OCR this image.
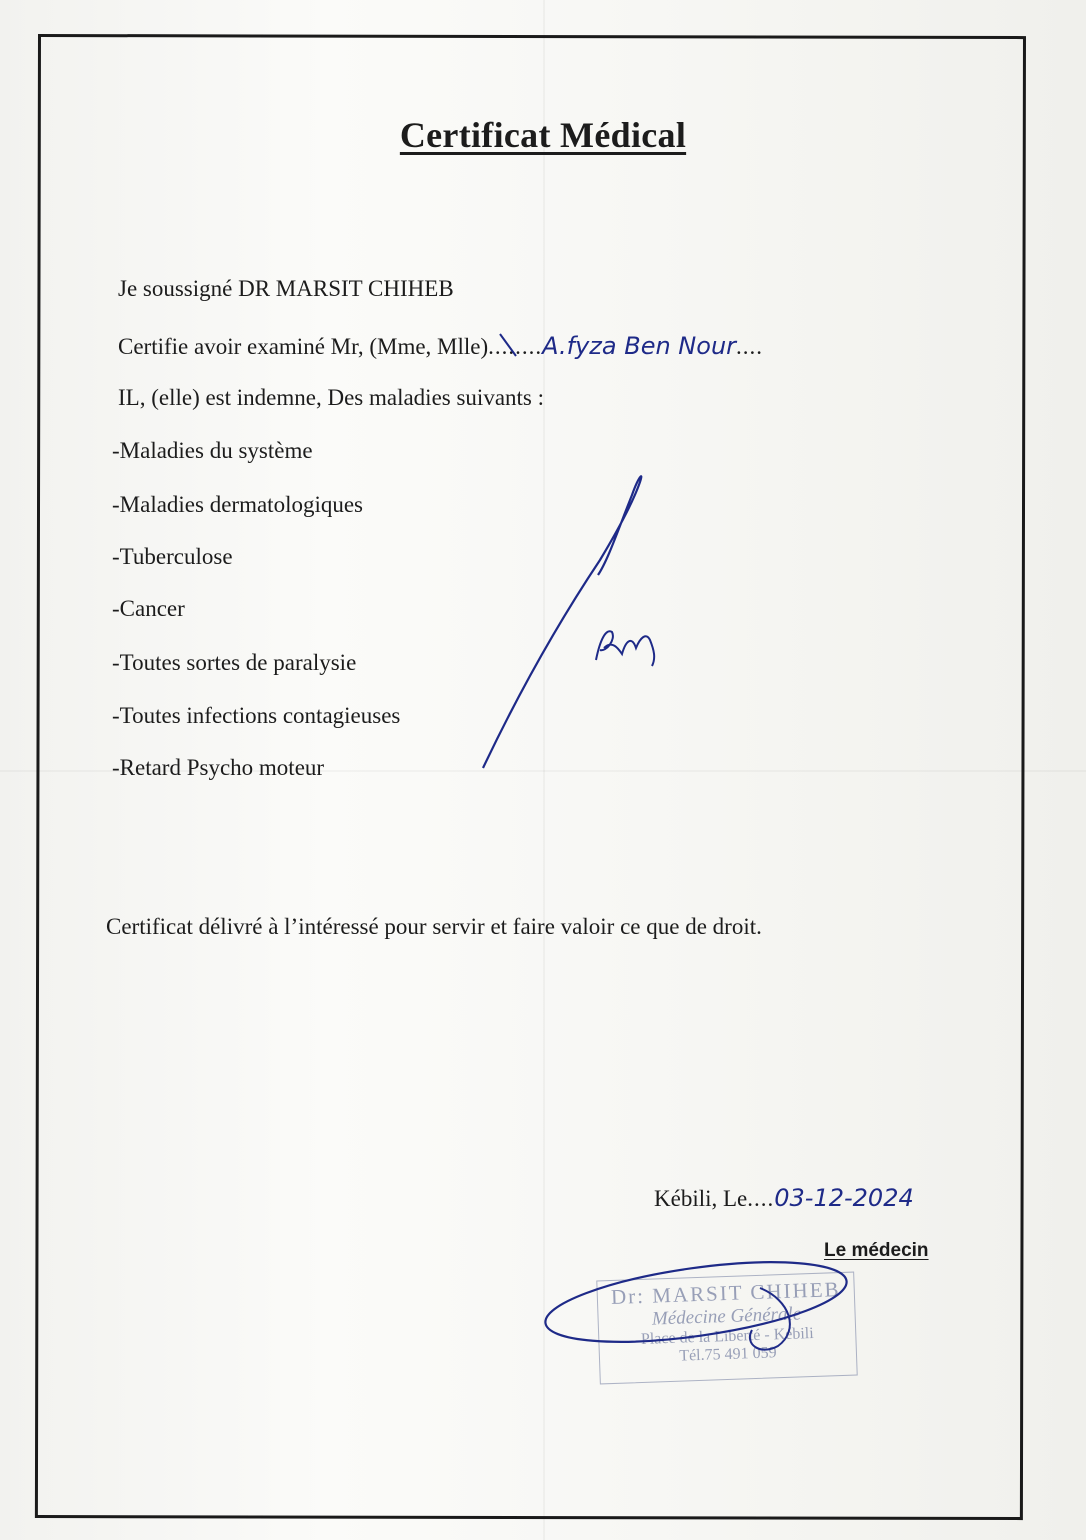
Certificat Médical
Je soussigné DR MARSIT CHIHEB
Certifie avoir examiné Mr, (Mme, Mlle)........A.fyza Ben Nour....
IL, (elle) est indemne, Des maladies suivants :
-Maladies du système
-Maladies dermatologiques
-Tuberculose
-Cancer
-Toutes sortes de paralysie
-Toutes infections contagieuses
-Retard Psycho moteur
Certificat délivré à l’intéressé pour servir et faire valoir ce que de droit.
Kébili, Le....03-12-2024
Le médecin
Dr: MARSIT CHIHEB
Médecine Générale
Place de la Liberté - Kébili
Tél.75 491 059
